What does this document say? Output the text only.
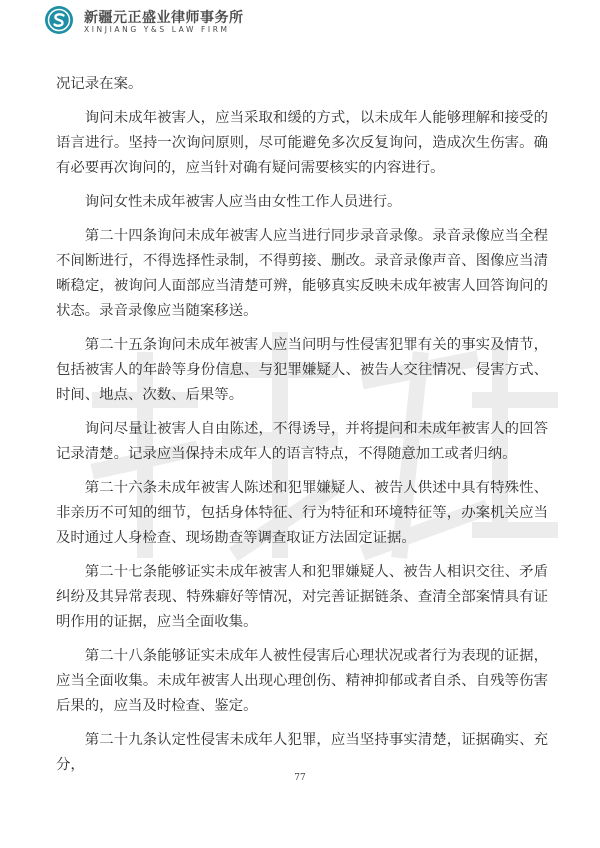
新疆元正盛业律师事务所
XINJIANG Y&S LAW FIRM

况记录在案。

询问未成年被害人，应当采取和缓的方式，以未成年人能够理解和接受的语言进行。坚持一次询问原则，尽可能避免多次反复询问，造成次生伤害。确有必要再次询问的，应当针对确有疑问需要核实的内容进行。

询问女性未成年被害人应当由女性工作人员进行。

第二十四条询问未成年被害人应当进行同步录音录像。录音录像应当全程不间断进行，不得选择性录制，不得剪接、删改。录音录像声音、图像应当清晰稳定，被询问人面部应当清楚可辨，能够真实反映未成年被害人回答询问的状态。录音录像应当随案移送。

第二十五条询问未成年被害人应当问明与性侵害犯罪有关的事实及情节，包括被害人的年龄等身份信息、与犯罪嫌疑人、被告人交往情况、侵害方式、时间、地点、次数、后果等。

询问尽量让被害人自由陈述，不得诱导，并将提问和未成年被害人的回答记录清楚。记录应当保持未成年人的语言特点，不得随意加工或者归纳。

第二十六条未成年被害人陈述和犯罪嫌疑人、被告人供述中具有特殊性、非亲历不可知的细节，包括身体特征、行为特征和环境特征等，办案机关应当及时通过人身检查、现场勘查等调查取证方法固定证据。

第二十七条能够证实未成年被害人和犯罪嫌疑人、被告人相识交往、矛盾纠纷及其异常表现、特殊癖好等情况，对完善证据链条、查清全部案情具有证明作用的证据，应当全面收集。

第二十八条能够证实未成年人被性侵害后心理状况或者行为表现的证据，应当全面收集。未成年被害人出现心理创伤、精神抑郁或者自杀、自残等伤害后果的，应当及时检查、鉴定。

第二十九条认定性侵害未成年人犯罪，应当坚持事实清楚，证据确实、充分，

77
